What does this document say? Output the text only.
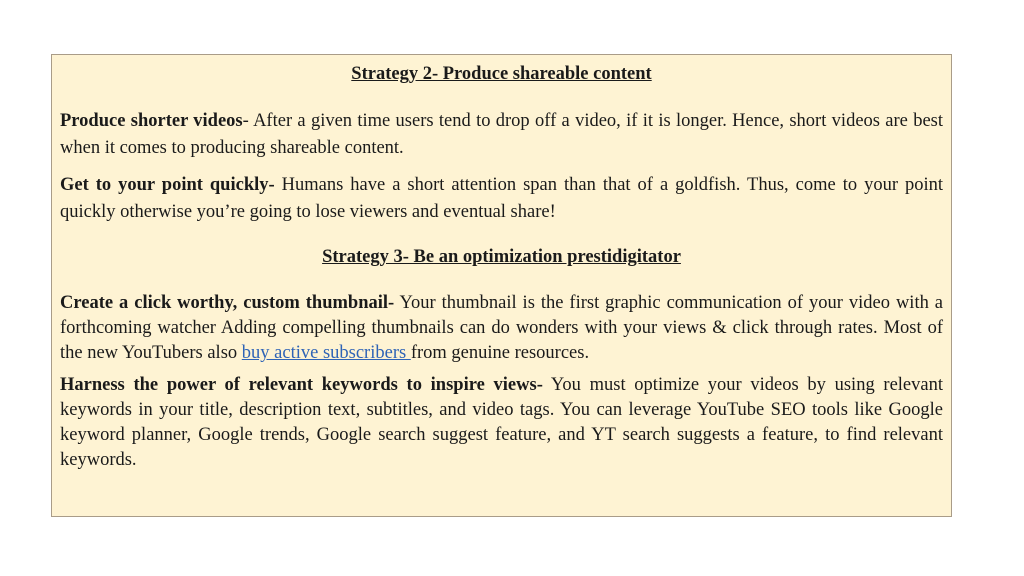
Strategy 2- Produce shareable content

Produce shorter videos- After a given time users tend to drop off a video, if it is longer. Hence, short videos are best when it comes to producing shareable content.

Get to your point quickly- Humans have a short attention span than that of a goldfish. Thus, come to your point quickly otherwise you’re going to lose viewers and eventual share!

Strategy 3- Be an optimization prestidigitator

Create a click worthy, custom thumbnail- Your thumbnail is the first graphic communication of your video with a forthcoming watcher Adding compelling thumbnails can do wonders with your views & click through rates. Most of the new YouTubers also buy active subscribers from genuine resources.

Harness the power of relevant keywords to inspire views- You must optimize your videos by using relevant keywords in your title, description text, subtitles, and video tags. You can leverage YouTube SEO tools like Google keyword planner, Google trends, Google search suggest feature, and YT search suggests a feature, to find relevant keywords.
